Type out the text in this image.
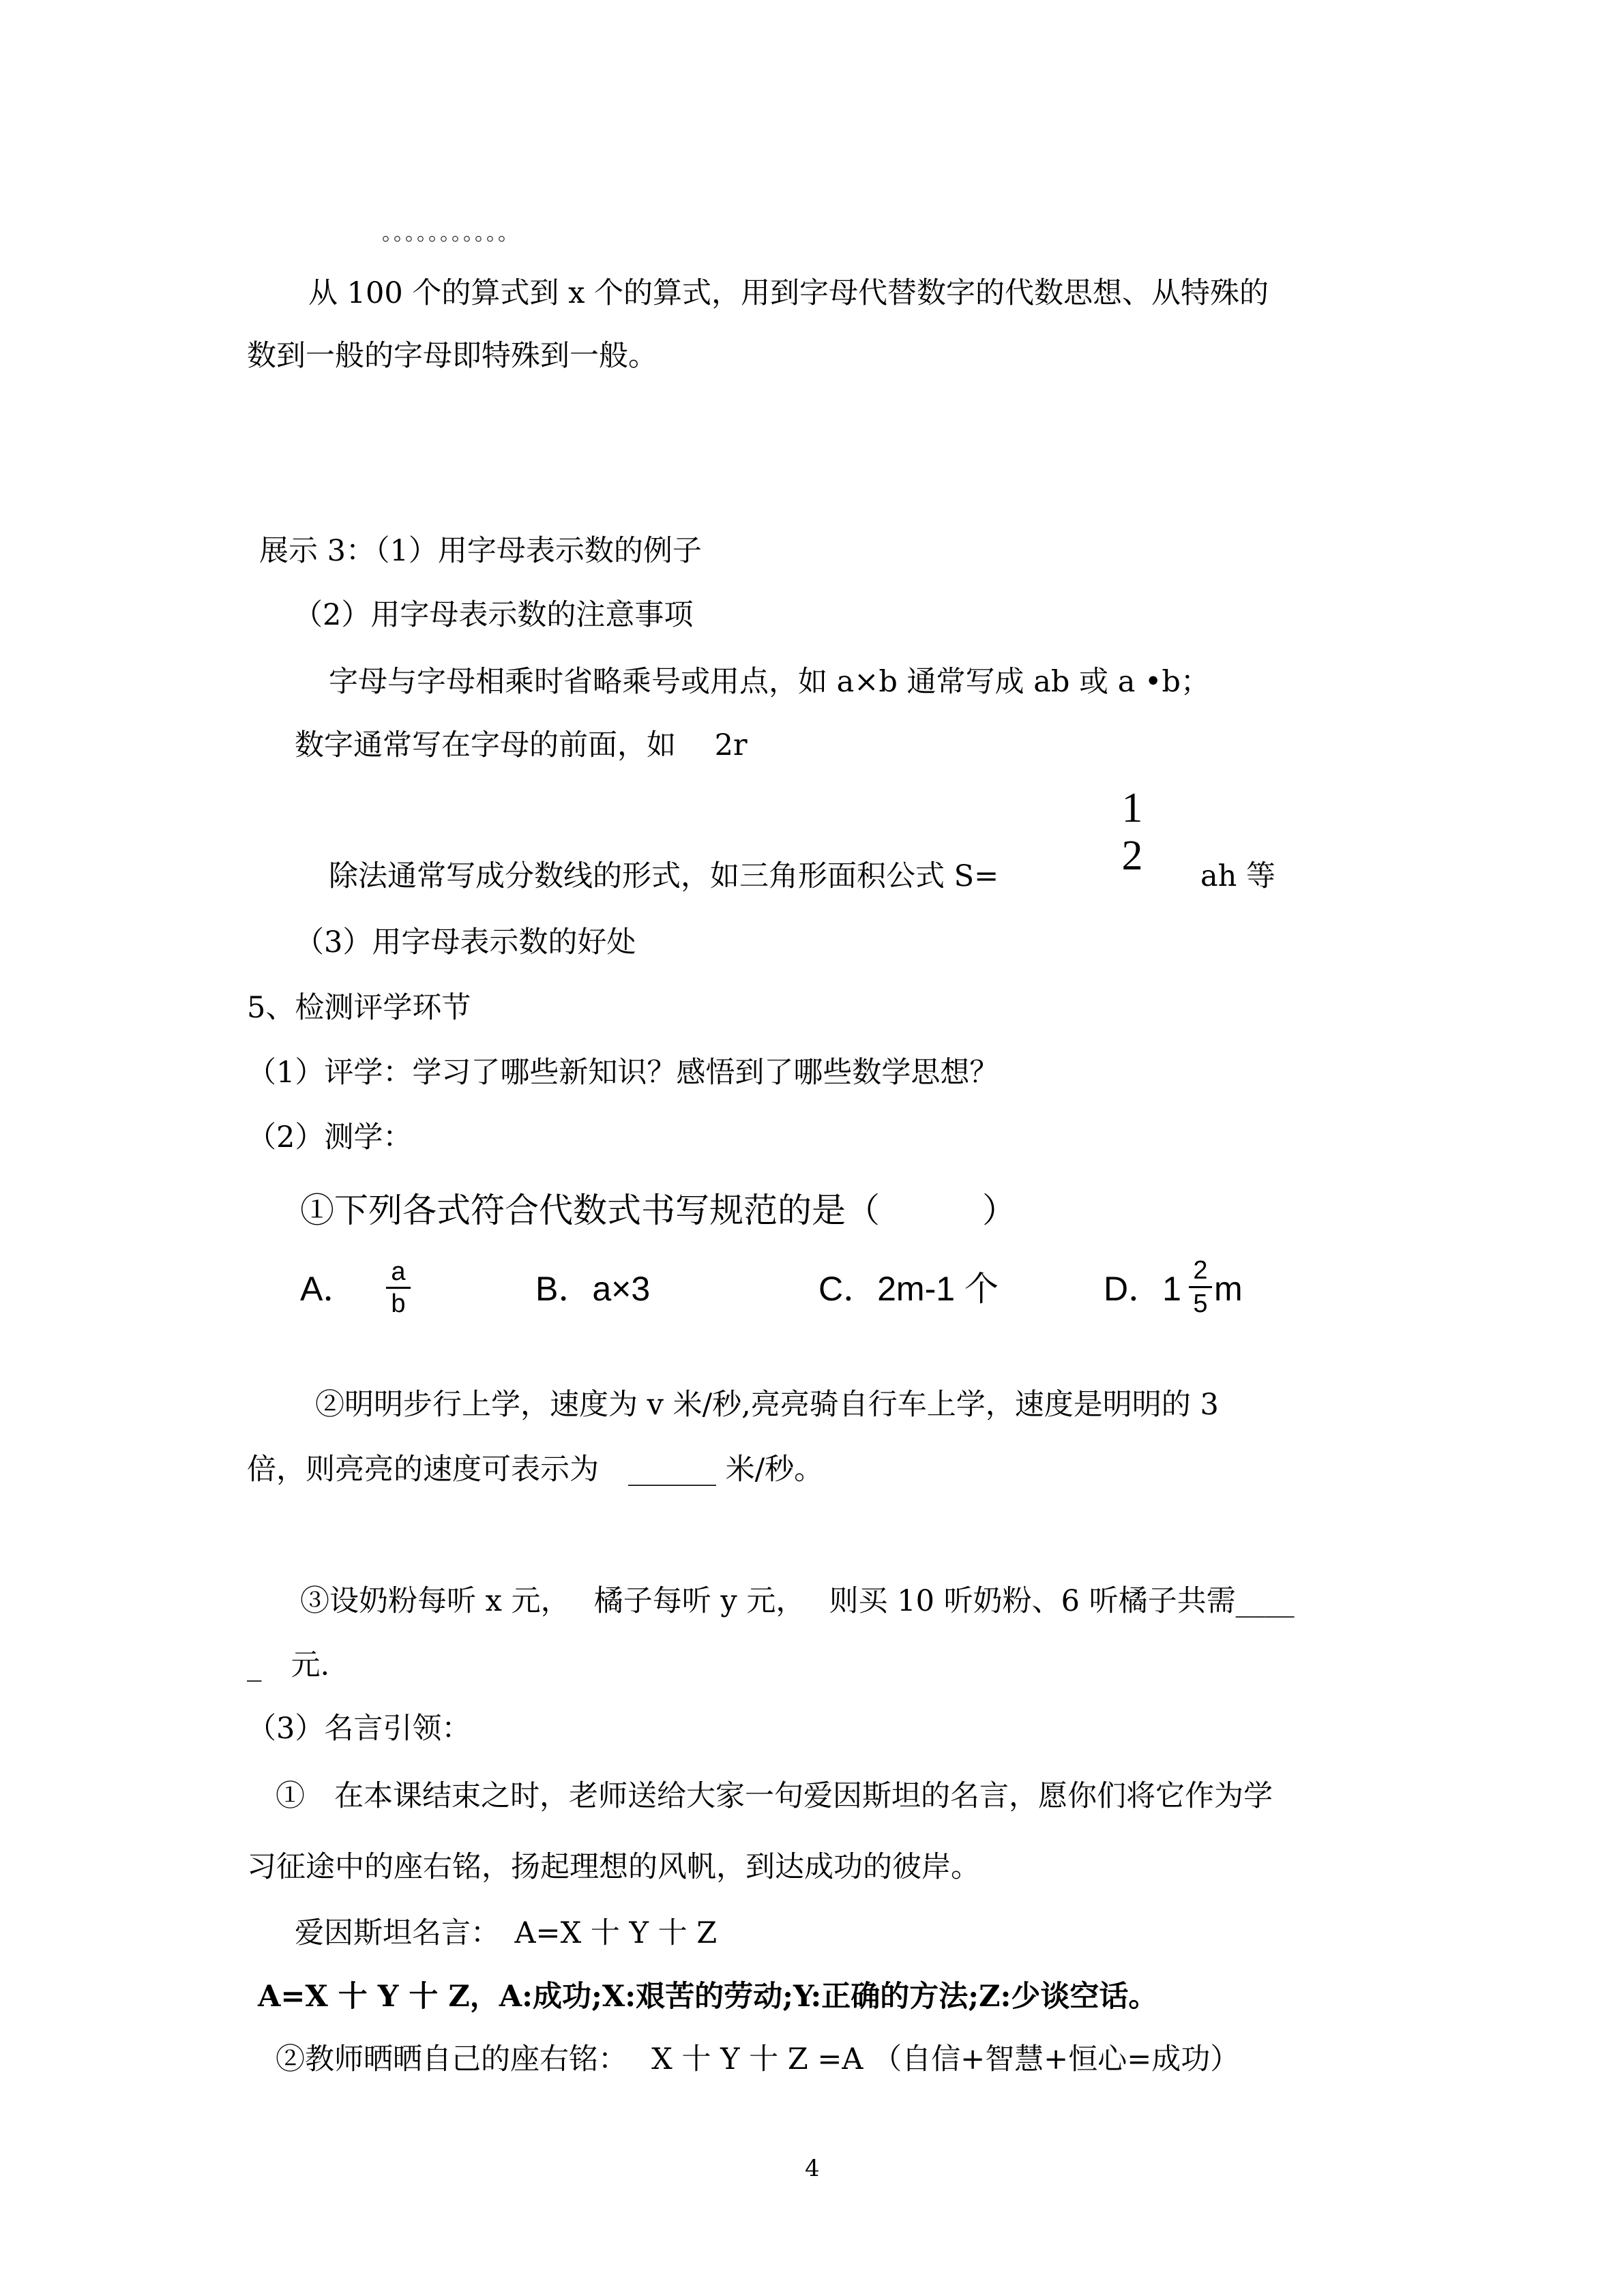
。。。。。。。。。。。
从 100 个的算式到 x 个的算式，用到字母代替数字的代数思想、从特殊的
数到一般的字母即特殊到一般。
展示 3：（1）用字母表示数的例子
（2）用字母表示数的注意事项
字母与字母相乘时省略乘号或用点，如 a×b 通常写成 ab 或 a •b；
数字通常写在字母的前面，如　 2r
除法通常写成分数线的形式，如三角形面积公式 S=
1
2	ah 等
（3）用字母表示数的好处
5、检测评学环节
（1）评学：学习了哪些新知识？感悟到了哪些数学思想？
（2）测学：
①下列各式符合代数式书写规范的是（　　　）
A． $\frac{a}{b}$	B．a×3	C．2m-1 个	D．$1 \frac{2}{5}$ m
②明明步行上学，速度为 v 米/秒,亮亮骑自行车上学，速度是明明的 3
倍，则亮亮的速度可表示为　______ 米/秒。
③设奶粉每听 x 元，　 橘子每听 y 元，　 则买 10 听奶粉、6 听橘子共需____
_　元.
（3）名言引领：
①　在本课结束之时，老师送给大家一句爱因斯坦的名言，愿你们将它作为学
习征途中的座右铭，扬起理想的风帆，到达成功的彼岸。
爱因斯坦名言：　A=X 十 Y 十 Z
A=X 十 Y 十 Z，A:成功;X:艰苦的劳动;Y:正确的方法;Z:少谈空话。
②教师晒晒自己的座右铭：　 X 十 Y 十 Z =A （自信+智慧+恒心=成功）
4
